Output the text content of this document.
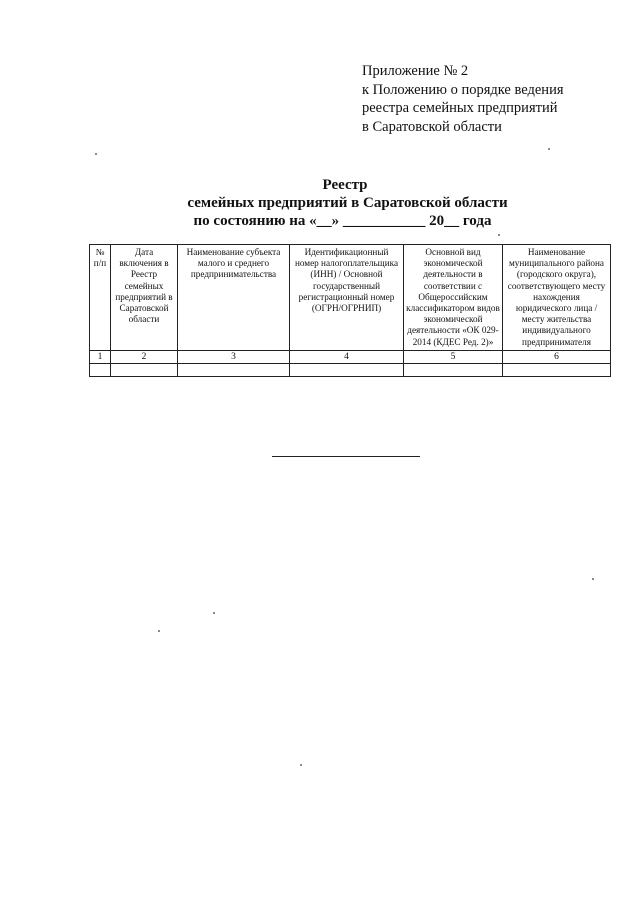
Приложение № 2
к Положению о порядке ведения
реестра семейных предприятий
в Саратовской области
Реестр
семейных предприятий в Саратовской области
по состоянию на «__» ___________ 20__ года
№ п/п	Дата включения в Реестр семейных предприятий в Саратовской области	Наименование субъекта малого и среднего предпринимательства	Идентификационный номер налогоплательщика (ИНН) / Основной государственный регистрационный номер (ОГРН/ОГРНИП)	Основной вид экономической деятельности в соответствии с Общероссийским классификатором видов экономической деятельности «ОК 029-2014 (КДЕС Ред. 2)»	Наименование муниципального района (городского округа), соответствующего месту нахождения юридического лица / месту жительства индивидуального предпринимателя
1	2	3	4	5	6
